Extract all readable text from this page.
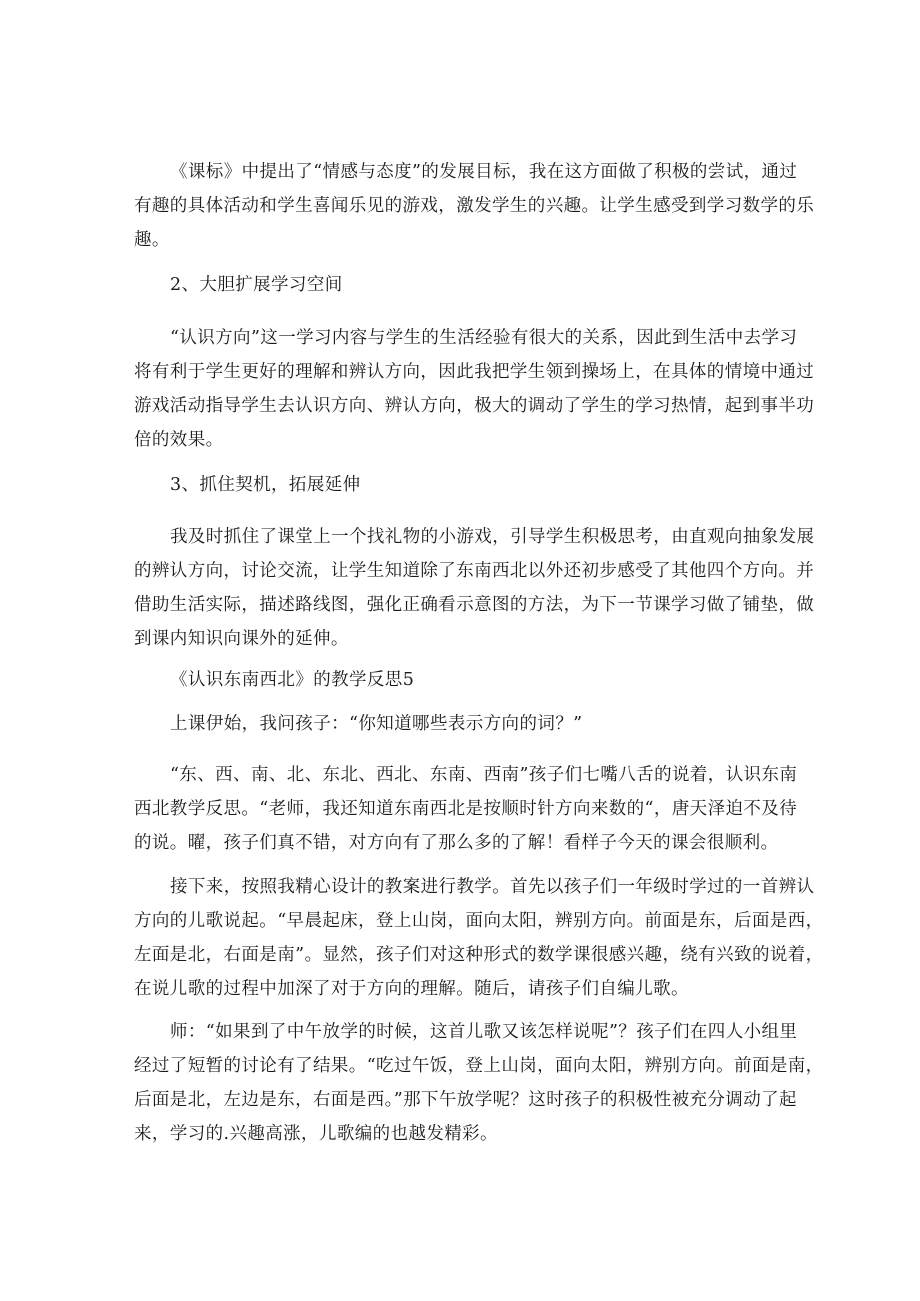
《课标》中提出了“情感与态度”的发展目标，我在这方面做了积极的尝试，通过
有趣的具体活动和学生喜闻乐见的游戏，激发学生的兴趣。让学生感受到学习数学的乐
趣。

2、大胆扩展学习空间

“认识方向”这一学习内容与学生的生活经验有很大的关系，因此到生活中去学习
将有利于学生更好的理解和辨认方向，因此我把学生领到操场上，在具体的情境中通过
游戏活动指导学生去认识方向、辨认方向，极大的调动了学生的学习热情，起到事半功
倍的效果。

3、抓住契机，拓展延伸

我及时抓住了课堂上一个找礼物的小游戏，引导学生积极思考，由直观向抽象发展
的辨认方向，讨论交流，让学生知道除了东南西北以外还初步感受了其他四个方向。并
借助生活实际，描述路线图，强化正确看示意图的方法，为下一节课学习做了铺垫，做
到课内知识向课外的延伸。

《认识东南西北》的教学反思5

上课伊始，我问孩子：“你知道哪些表示方向的词？”

“东、西、南、北、东北、西北、东南、西南”孩子们七嘴八舌的说着，认识东南
西北教学反思。“老师，我还知道东南西北是按顺时针方向来数的“，唐天泽迫不及待
的说。曜，孩子们真不错，对方向有了那么多的了解！看样子今天的课会很顺利。

接下来，按照我精心设计的教案进行教学。首先以孩子们一年级时学过的一首辨认
方向的儿歌说起。“早晨起床，登上山岗，面向太阳，辨别方向。前面是东，后面是西，
左面是北，右面是南”。显然，孩子们对这种形式的数学课很感兴趣，绕有兴致的说着，
在说儿歌的过程中加深了对于方向的理解。随后，请孩子们自编儿歌。

师：“如果到了中午放学的时候，这首儿歌又该怎样说呢”？孩子们在四人小组里
经过了短暂的讨论有了结果。“吃过午饭，登上山岗，面向太阳，辨别方向。前面是南，
后面是北，左边是东，右面是西。”那下午放学呢？这时孩子的积极性被充分调动了起
来，学习的.兴趣高涨，儿歌编的也越发精彩。
